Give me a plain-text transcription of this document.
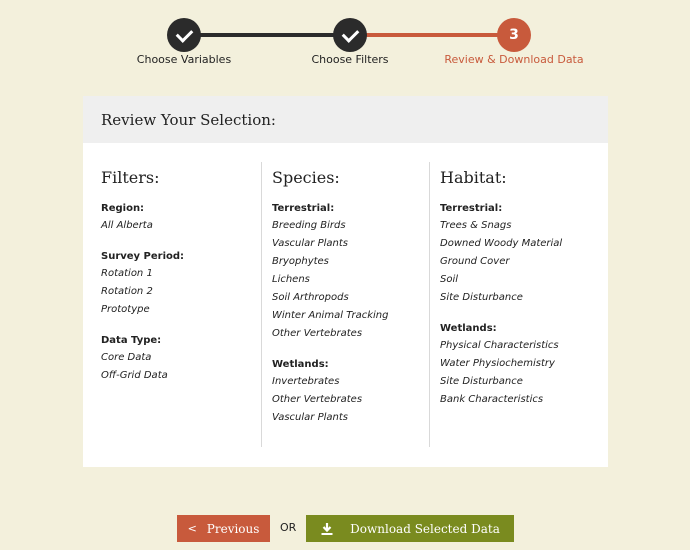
3
Choose Variables	Choose Filters	Review & Download Data
Review Your Selection:
Filters:
Region:
All Alberta
Survey Period:
Rotation 1
Rotation 2
Prototype
Data Type:
Core Data
Off-Grid Data
Species:
Terrestrial:
Breeding Birds
Vascular Plants
Bryophytes
Lichens
Soil Arthropods
Winter Animal Tracking
Other Vertebrates
Wetlands:
Invertebrates
Other Vertebrates
Vascular Plants
Habitat:
Terrestrial:
Trees & Snags
Downed Woody Material
Ground Cover
Soil
Site Disturbance
Wetlands:
Physical Characteristics
Water Physiochemistry
Site Disturbance
Bank Characteristics
< Previous OR	Download Selected Data
